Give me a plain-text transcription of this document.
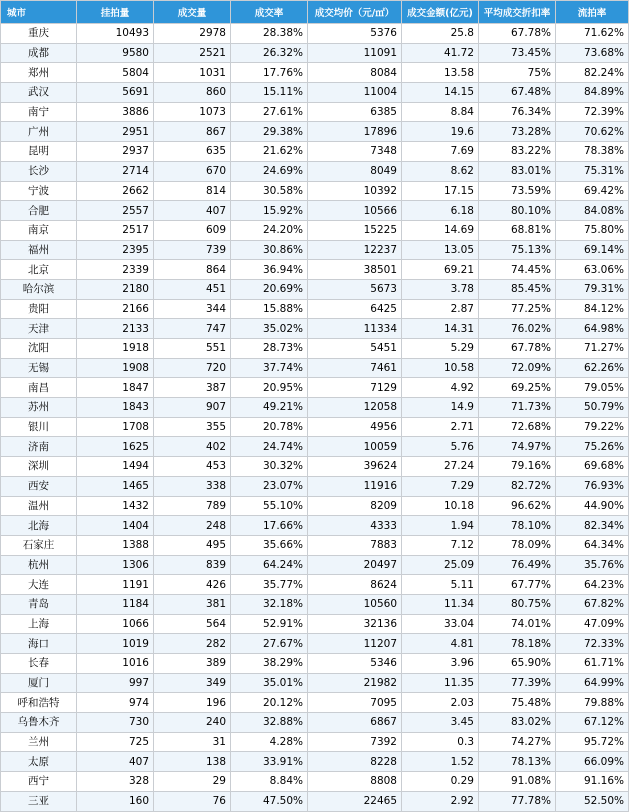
城市	挂拍量	成交量	成交率	成交均价（元/㎡）	成交金额(亿元)	平均成交折扣率	流拍率
重庆	10493	2978	28.38%	5376	25.8	67.78%	71.62%
成都	9580	2521	26.32%	11091	41.72	73.45%	73.68%
郑州	5804	1031	17.76%	8084	13.58	75%	82.24%
武汉	5691	860	15.11%	11004	14.15	67.48%	84.89%
南宁	3886	1073	27.61%	6385	8.84	76.34%	72.39%
广州	2951	867	29.38%	17896	19.6	73.28%	70.62%
昆明	2937	635	21.62%	7348	7.69	83.22%	78.38%
长沙	2714	670	24.69%	8049	8.62	83.01%	75.31%
宁波	2662	814	30.58%	10392	17.15	73.59%	69.42%
合肥	2557	407	15.92%	10566	6.18	80.10%	84.08%
南京	2517	609	24.20%	15225	14.69	68.81%	75.80%
福州	2395	739	30.86%	12237	13.05	75.13%	69.14%
北京	2339	864	36.94%	38501	69.21	74.45%	63.06%
哈尔滨	2180	451	20.69%	5673	3.78	85.45%	79.31%
贵阳	2166	344	15.88%	6425	2.87	77.25%	84.12%
天津	2133	747	35.02%	11334	14.31	76.02%	64.98%
沈阳	1918	551	28.73%	5451	5.29	67.78%	71.27%
无锡	1908	720	37.74%	7461	10.58	72.09%	62.26%
南昌	1847	387	20.95%	7129	4.92	69.25%	79.05%
苏州	1843	907	49.21%	12058	14.9	71.73%	50.79%
银川	1708	355	20.78%	4956	2.71	72.68%	79.22%
济南	1625	402	24.74%	10059	5.76	74.97%	75.26%
深圳	1494	453	30.32%	39624	27.24	79.16%	69.68%
西安	1465	338	23.07%	11916	7.29	82.72%	76.93%
温州	1432	789	55.10%	8209	10.18	96.62%	44.90%
北海	1404	248	17.66%	4333	1.94	78.10%	82.34%
石家庄	1388	495	35.66%	7883	7.12	78.09%	64.34%
杭州	1306	839	64.24%	20497	25.09	76.49%	35.76%
大连	1191	426	35.77%	8624	5.11	67.77%	64.23%
青岛	1184	381	32.18%	10560	11.34	80.75%	67.82%
上海	1066	564	52.91%	32136	33.04	74.01%	47.09%
海口	1019	282	27.67%	11207	4.81	78.18%	72.33%
长春	1016	389	38.29%	5346	3.96	65.90%	61.71%
厦门	997	349	35.01%	21982	11.35	77.39%	64.99%
呼和浩特	974	196	20.12%	7095	2.03	75.48%	79.88%
乌鲁木齐	730	240	32.88%	6867	3.45	83.02%	67.12%
兰州	725	31	4.28%	7392	0.3	74.27%	95.72%
太原	407	138	33.91%	8228	1.52	78.13%	66.09%
西宁	328	29	8.84%	8808	0.29	91.08%	91.16%
三亚	160	76	47.50%	22465	2.92	77.78%	52.50%
